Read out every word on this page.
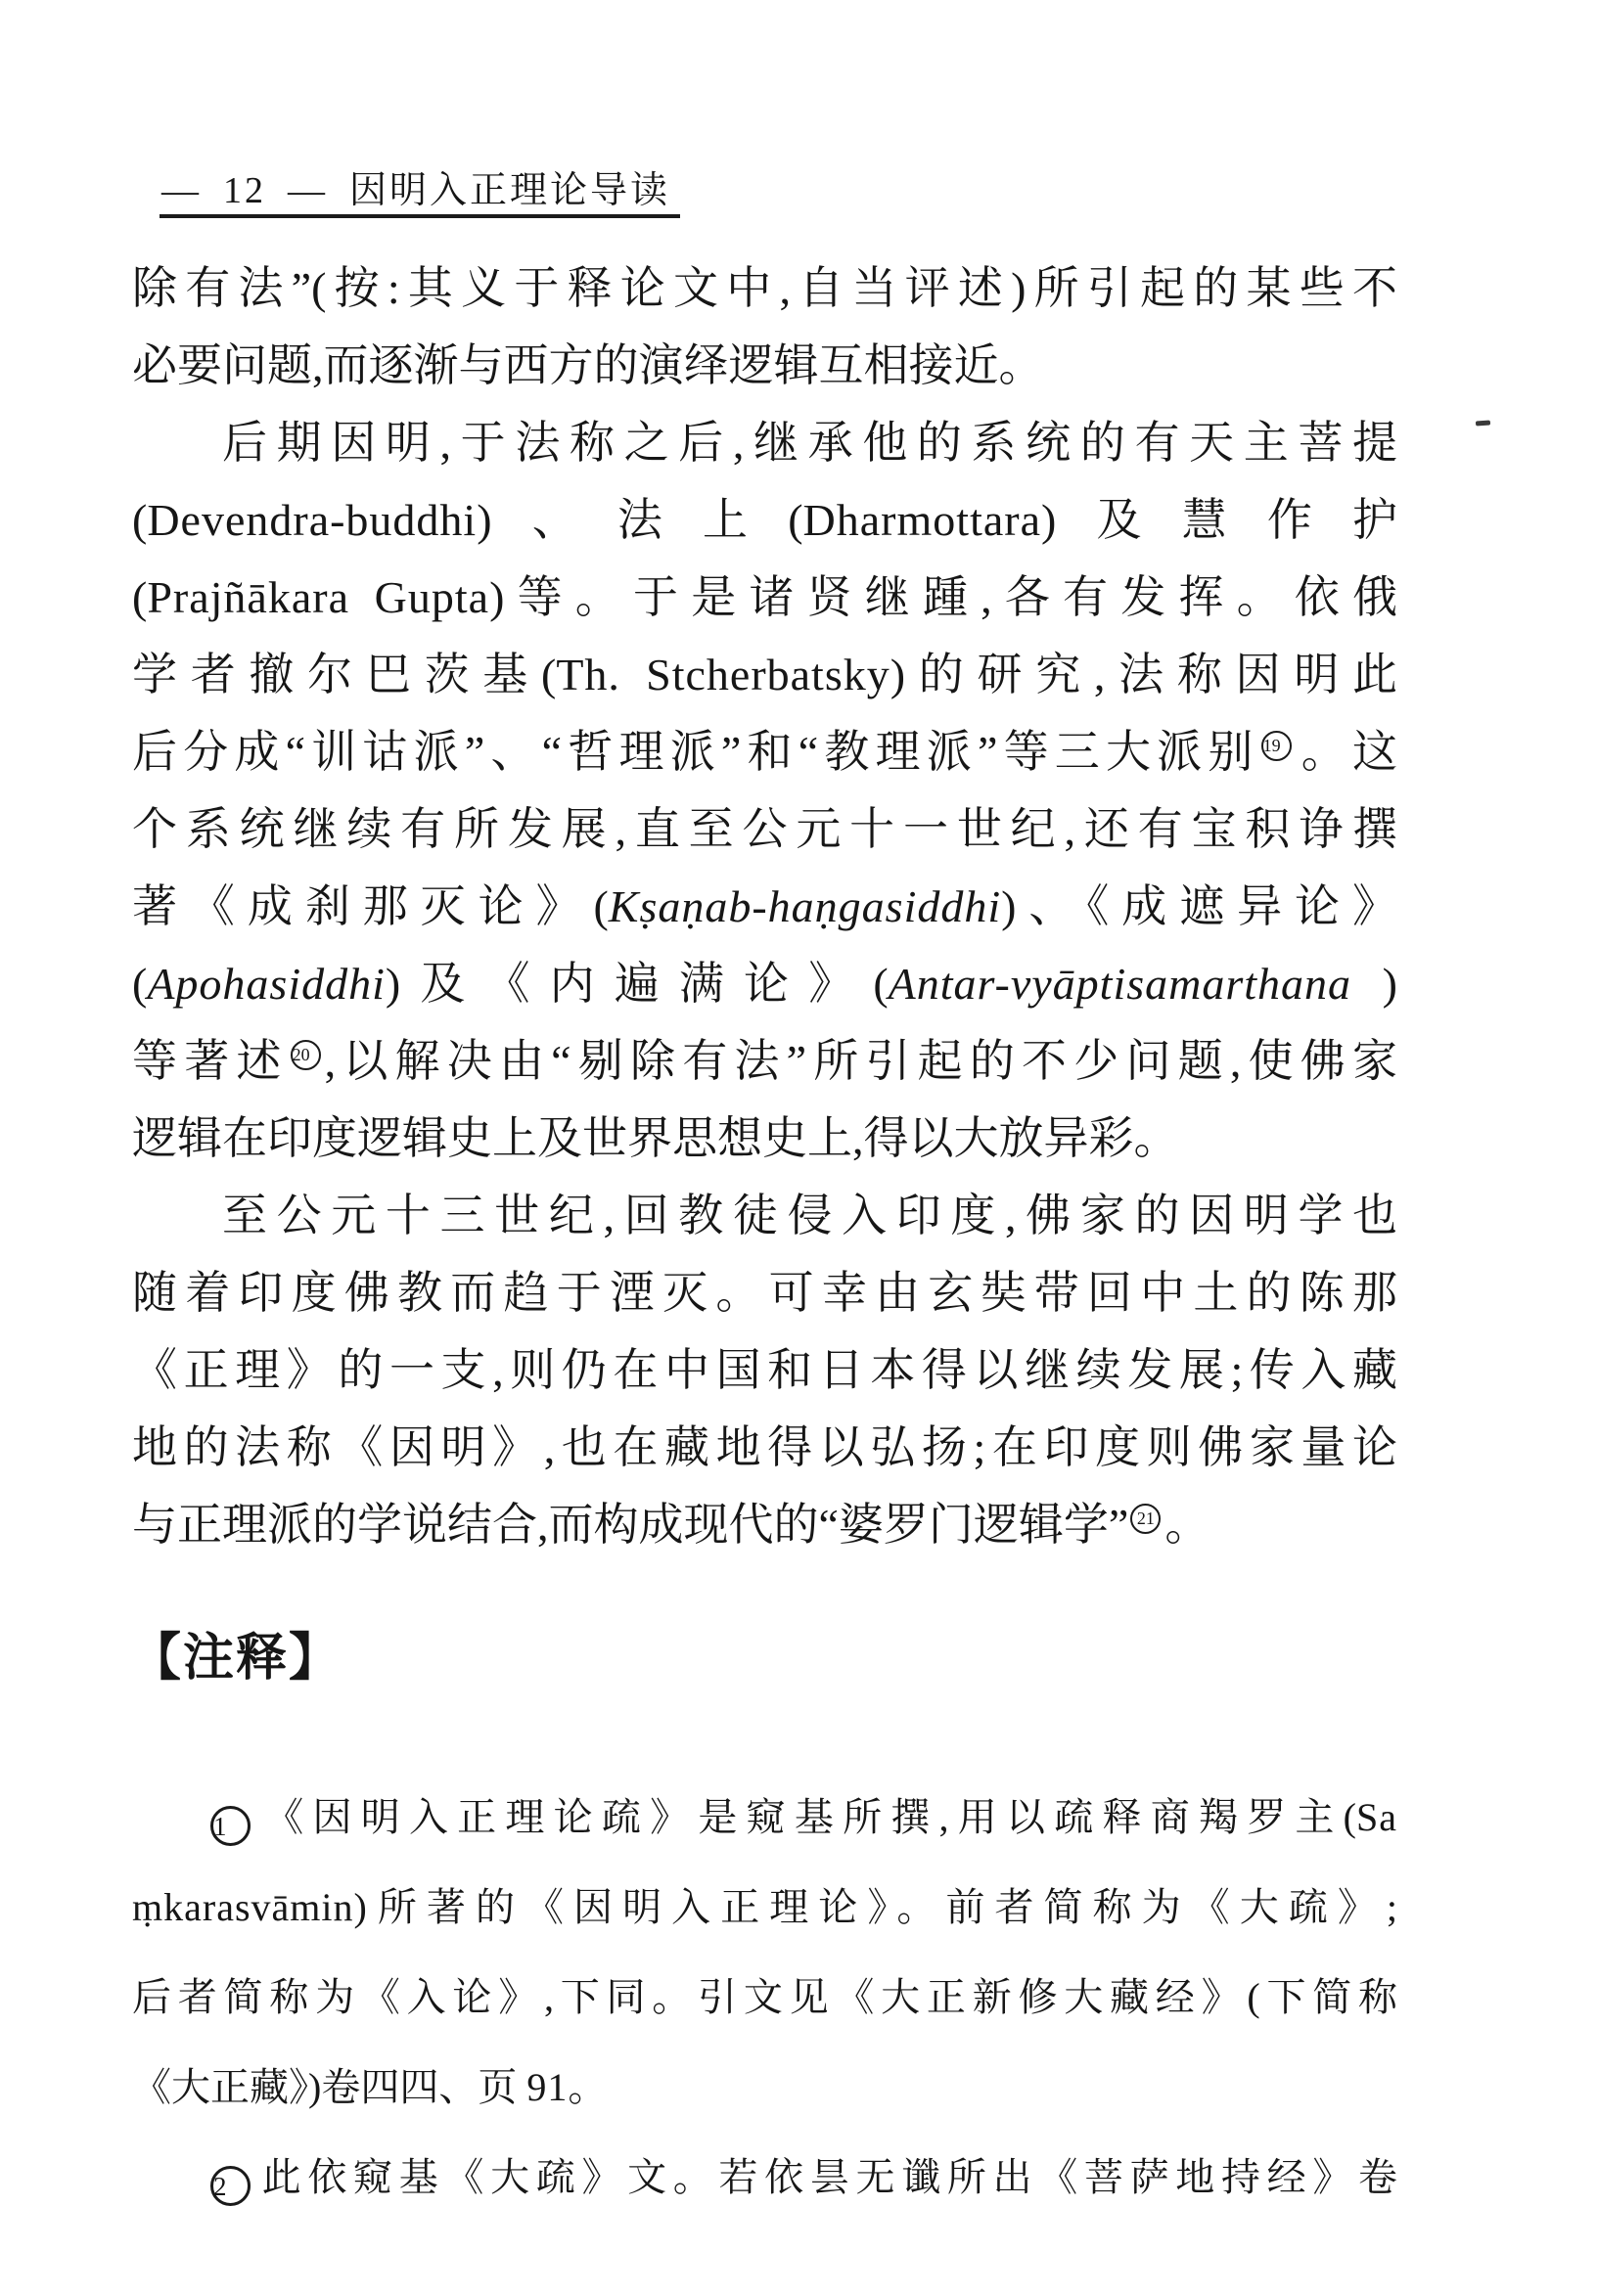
— 12 — 因明入正理论导读
除有法”(按:其义于释论文中,自当评述)所引起的某些不
必要问题,而逐渐与西方的演绎逻辑互相接近。
后期因明,于法称之后,继承他的系统的有天主菩提
(Devendra-buddhi)、法上(Dharmottara)及慧作护
(Prajñākara Gupta)等。于是诸贤继踵,各有发挥。依俄
学者撤尔巴茨基(Th. Stcherbatsky)的研究,法称因明此
后分成“训诂派”、“哲理派”和“教理派”等三大派别 19 。这
个系统继续有所发展,直至公元十一世纪,还有宝积诤撰
著《成刹那灭论》(Kṣaṇab-haṇgasiddhi)、《成遮异论》
(Apohasiddhi)及《内遍满论》(Antar-vyāptisamarthana )
等著述 20 ,以解决由“剔除有法”所引起的不少问题,使佛家
逻辑在印度逻辑史上及世界思想史上,得以大放异彩。
至公元十三世纪,回教徒侵入印度,佛家的因明学也
随着印度佛教而趋于湮灭。可幸由玄奘带回中土的陈那
《正理》的一支,则仍在中国和日本得以继续发展;传入藏
地的法称《因明》,也在藏地得以弘扬;在印度则佛家量论
与正理派的学说结合,而构成现代的“婆罗门逻辑学” 21 。
【注释】
1 《因明入正理论疏》是窥基所撰,用以疏释商羯罗主(Sa
ṃkarasvāmin)所著的《因明入正理论》。前者简称为《大疏》;
后者简称为《入论》,下同。引文见《大正新修大藏经》(下简称
《大正藏》)卷四四、页 91。
2 此依窥基《大疏》文。若依昙无谶所出《菩萨地持经》卷
